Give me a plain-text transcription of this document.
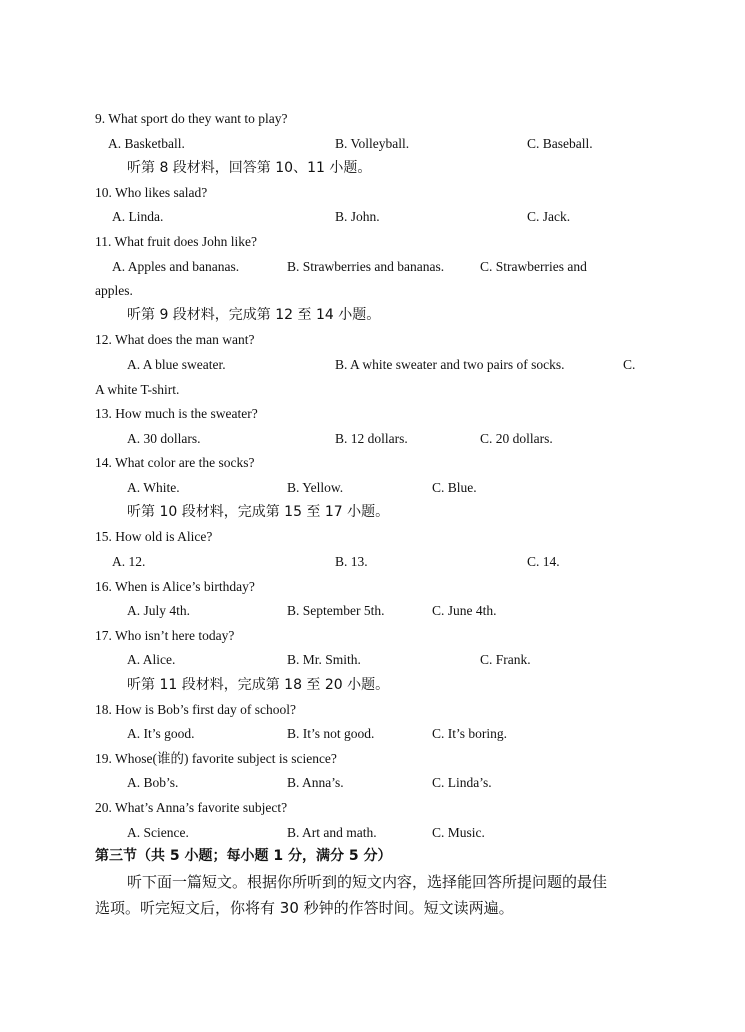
9. What sport do they want to play?
A. Basketball.	B. Volleyball.	C. Baseball.
听第 8 段材料，回答第 10、11 小题。
10. Who likes salad?
A. Linda.	B. John.	C. Jack.
11. What fruit does John like?
A. Apples and bananas.	B. Strawberries and bananas.	C. Strawberries and
apples.
听第 9 段材料，完成第 12 至 14 小题。
12. What does the man want?
A. A blue sweater.	B. A white sweater and two pairs of socks.	C.
A white T-shirt.
13. How much is the sweater?
A. 30 dollars.	B. 12 dollars.	C. 20 dollars.
14. What color are the socks?
A. White.	B. Yellow.	C. Blue.
听第 10 段材料，完成第 15 至 17 小题。
15. How old is Alice?
A. 12.	B. 13.	C. 14.
16. When is Alice’s birthday?
A. July 4th.	B. September 5th.	C. June 4th.
17. Who isn’t here today?
A. Alice.	B. Mr. Smith.	C. Frank.
听第 11 段材料，完成第 18 至 20 小题。
18. How is Bob’s first day of school?
A. It’s good.	B. It’s not good.	C. It’s boring.
19. Whose(谁的) favorite subject is science?
A. Bob’s.	B. Anna’s.	C. Linda’s.
20. What’s Anna’s favorite subject?
A. Science.	B. Art and math.	C. Music.
第三节（共 5 小题；每小题 1 分，满分 5 分）
听下面一篇短文。根据你所听到的短文内容，选择能回答所提问题的最佳
选项。听完短文后，你将有 30 秒钟的作答时间。短文读两遍。
